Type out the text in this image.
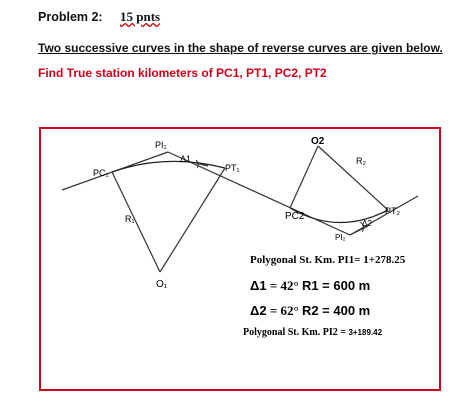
Problem 2: 15 pnts
Two successive curves in the shape of reverse curves are given below.
Find True station kilometers of PC1, PT1, PC2, PT2
PI₁
PC₁	PT₁
R₁
O₁
Δ1
O2
R₂
PC2	PT₂
PI₂
Δ2
Polygonal St. Km. PI1= 1+278.25
Δ1 = 42° R1 = 600 m
Δ2 = 62° R2 = 400 m
Polygonal St. Km. PI2 = 3+189.42
